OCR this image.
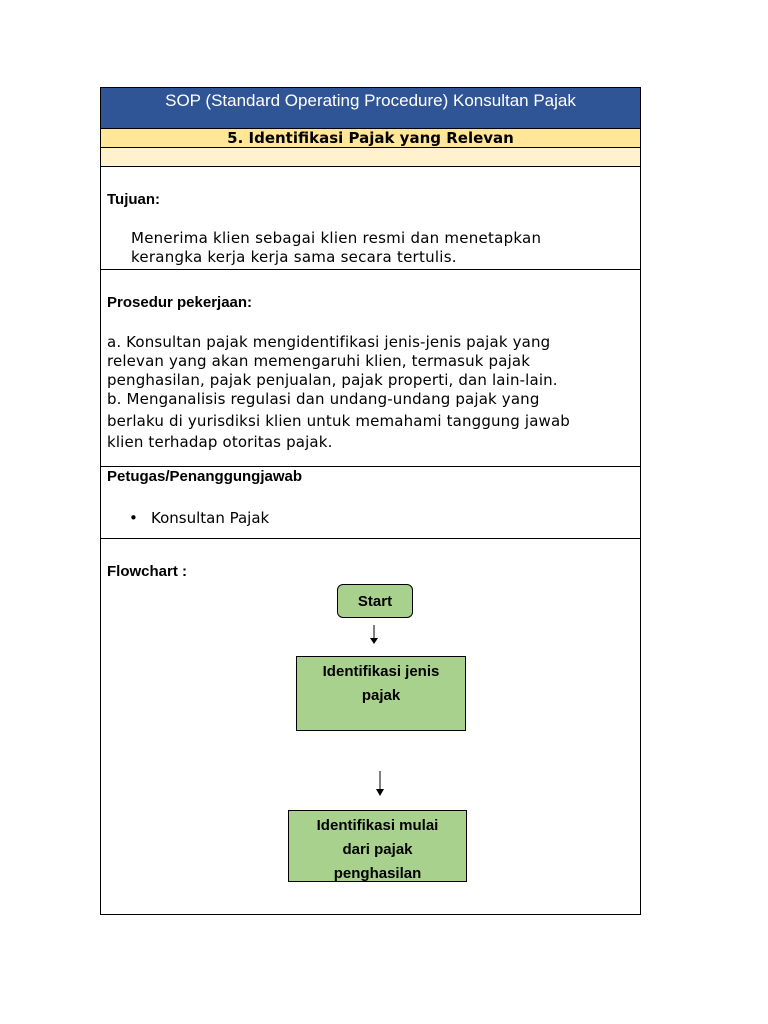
SOP (Standard Operating Procedure) Konsultan Pajak
5. Identifikasi Pajak yang Relevan
Tujuan:
Menerima klien sebagai klien resmi dan menetapkan
kerangka kerja kerja sama secara tertulis.
Prosedur pekerjaan:
a. Konsultan pajak mengidentifikasi jenis-jenis pajak yang
relevan yang akan memengaruhi klien, termasuk pajak
penghasilan, pajak penjualan, pajak properti, dan lain-lain.
b. Menganalisis regulasi dan undang-undang pajak yang
berlaku di yurisdiksi klien untuk memahami tanggung jawab
klien terhadap otoritas pajak.
Petugas/Penanggungjawab
• Konsultan Pajak
Flowchart :
Start
Identifikasi jenis
pajak
Identifikasi mulai
dari pajak
penghasilan
